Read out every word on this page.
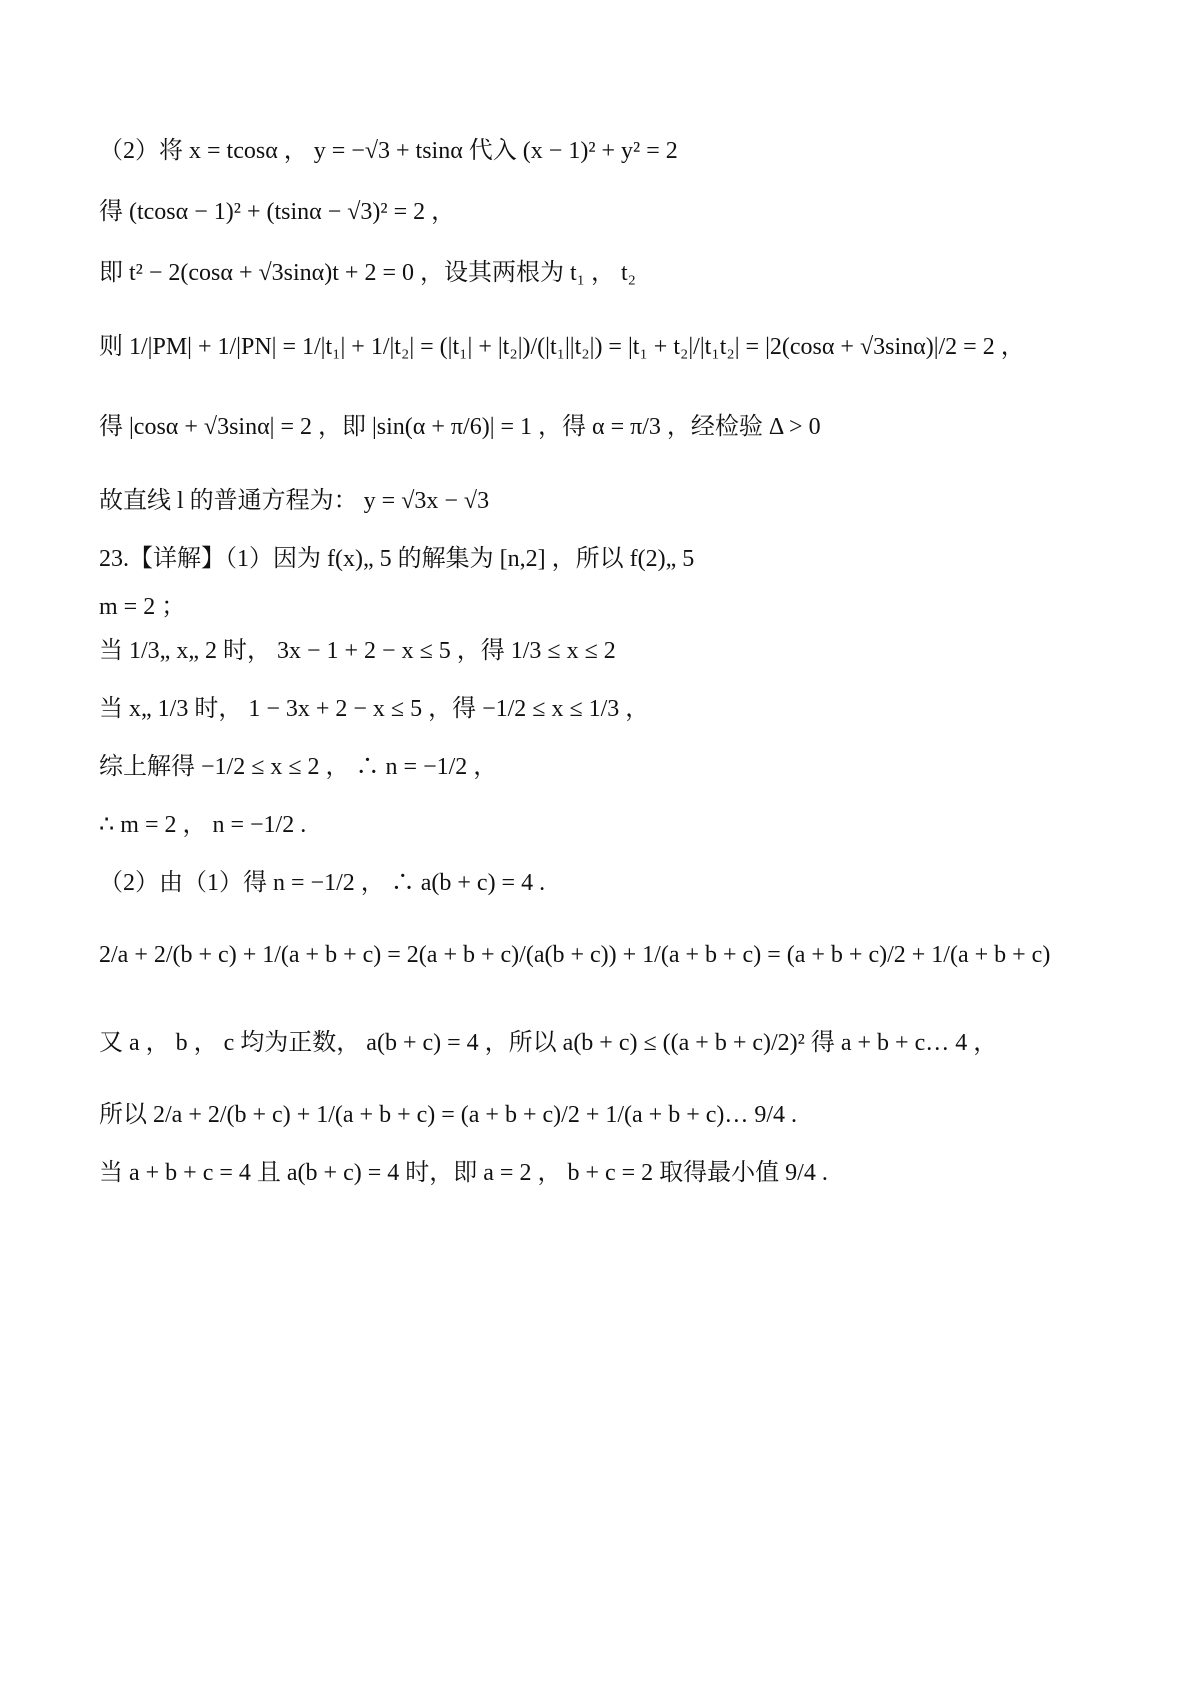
（2）将 x = tcosα ， y = −√3 + tsinα 代入 (x − 1)² + y² = 2
得 (tcosα − 1)² + (tsinα − √3)² = 2 ，
即 t² − 2(cosα + √3sinα)t + 2 = 0 ，设其两根为 t₁ ， t₂
则 1/|PM| + 1/|PN| = 1/|t₁| + 1/|t₂| = (|t₁| + |t₂|)/(|t₁||t₂|) = |t₁ + t₂|/|t₁t₂| = |2(cosα + √3sinα)|/2 = 2 ，
得 |cosα + √3sinα| = 2 ，即 |sin(α + π/6)| = 1 ，得 α = π/3 ，经检验 Δ > 0
故直线 l 的普通方程为： y = √3x − √3
23.【详解】（1）因为 f(x)„ 5 的解集为 [n,2] ，所以 f(2)„ 5
m = 2 ；
当 1/3„ x„ 2 时， 3x − 1 + 2 − x ≤ 5 ，得 1/3 ≤ x ≤ 2
当 x„ 1/3 时， 1 − 3x + 2 − x ≤ 5 ，得 −1/2 ≤ x ≤ 1/3 ，
综上解得 −1/2 ≤ x ≤ 2 ， ∴ n = −1/2 ，
∴ m = 2 ， n = −1/2 .
（2）由（1）得 n = −1/2 ， ∴ a(b + c) = 4 .
2/a + 2/(b + c) + 1/(a + b + c) = 2(a + b + c)/(a(b + c)) + 1/(a + b + c) = (a + b + c)/2 + 1/(a + b + c)
又 a ， b ， c 均为正数， a(b + c) = 4 ，所以 a(b + c) ≤ ((a + b + c)/2)² 得 a + b + c… 4 ，
所以 2/a + 2/(b + c) + 1/(a + b + c) = (a + b + c)/2 + 1/(a + b + c)… 9/4 .
当 a + b + c = 4 且 a(b + c) = 4 时，即 a = 2 ， b + c = 2 取得最小值 9/4 .
